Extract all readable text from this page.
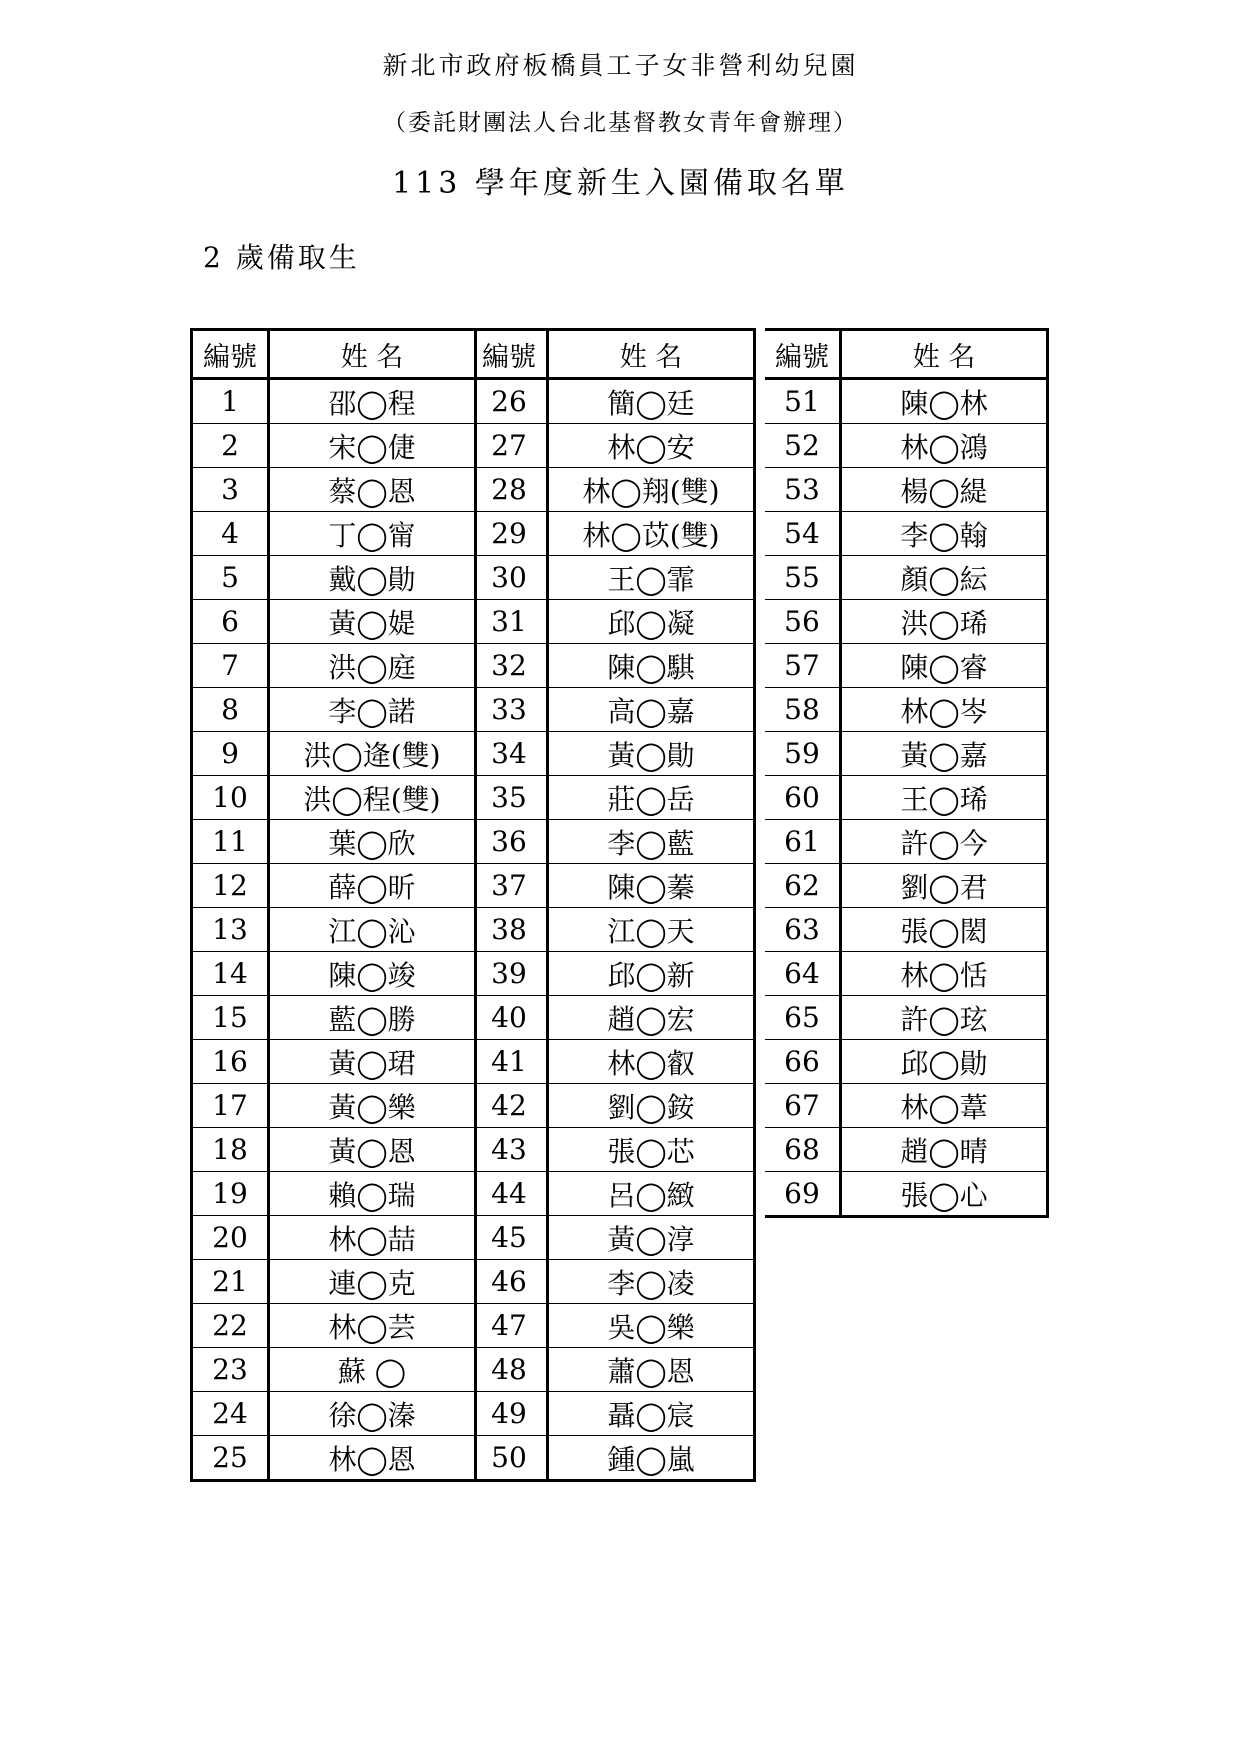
新北市政府板橋員工子女非營利幼兒園
（委託財團法人台北基督教女青年會辦理）
113 學年度新生入園備取名單
2 歲備取生
編號	姓 名
1	邵◯程
2	宋◯倢
3	蔡◯恩
4	丁◯甯
5	戴◯勛
6	黃◯媞
7	洪◯庭
8	李◯諾
9	洪◯逄(雙)
10	洪◯程(雙)
11	葉◯欣
12	薛◯昕
13	江◯沁
14	陳◯竣
15	藍◯勝
16	黃◯珺
17	黃◯樂
18	黃◯恩
19	賴◯瑞
20	林◯喆
21	連◯克
22	林◯芸
23	蘇 ◯
24	徐◯溱
25	林◯恩
編號	姓 名
26	簡◯廷
27	林◯安
28	林◯翔(雙)
29	林◯苡(雙)
30	王◯霏
31	邱◯凝
32	陳◯騏
33	高◯嘉
34	黃◯勛
35	莊◯岳
36	李◯藍
37	陳◯蓁
38	江◯天
39	邱◯新
40	趙◯宏
41	林◯叡
42	劉◯銨
43	張◯芯
44	呂◯緻
45	黃◯淳
46	李◯凌
47	吳◯樂
48	蕭◯恩
49	聶◯宸
50	鍾◯嵐
編號	姓 名
51	陳◯林
52	林◯鴻
53	楊◯緹
54	李◯翰
55	顏◯紜
56	洪◯琋
57	陳◯睿
58	林◯岑
59	黃◯嘉
60	王◯琋
61	許◯今
62	劉◯君
63	張◯閎
64	林◯恬
65	許◯玹
66	邱◯勛
67	林◯葦
68	趙◯晴
69	張◯心
